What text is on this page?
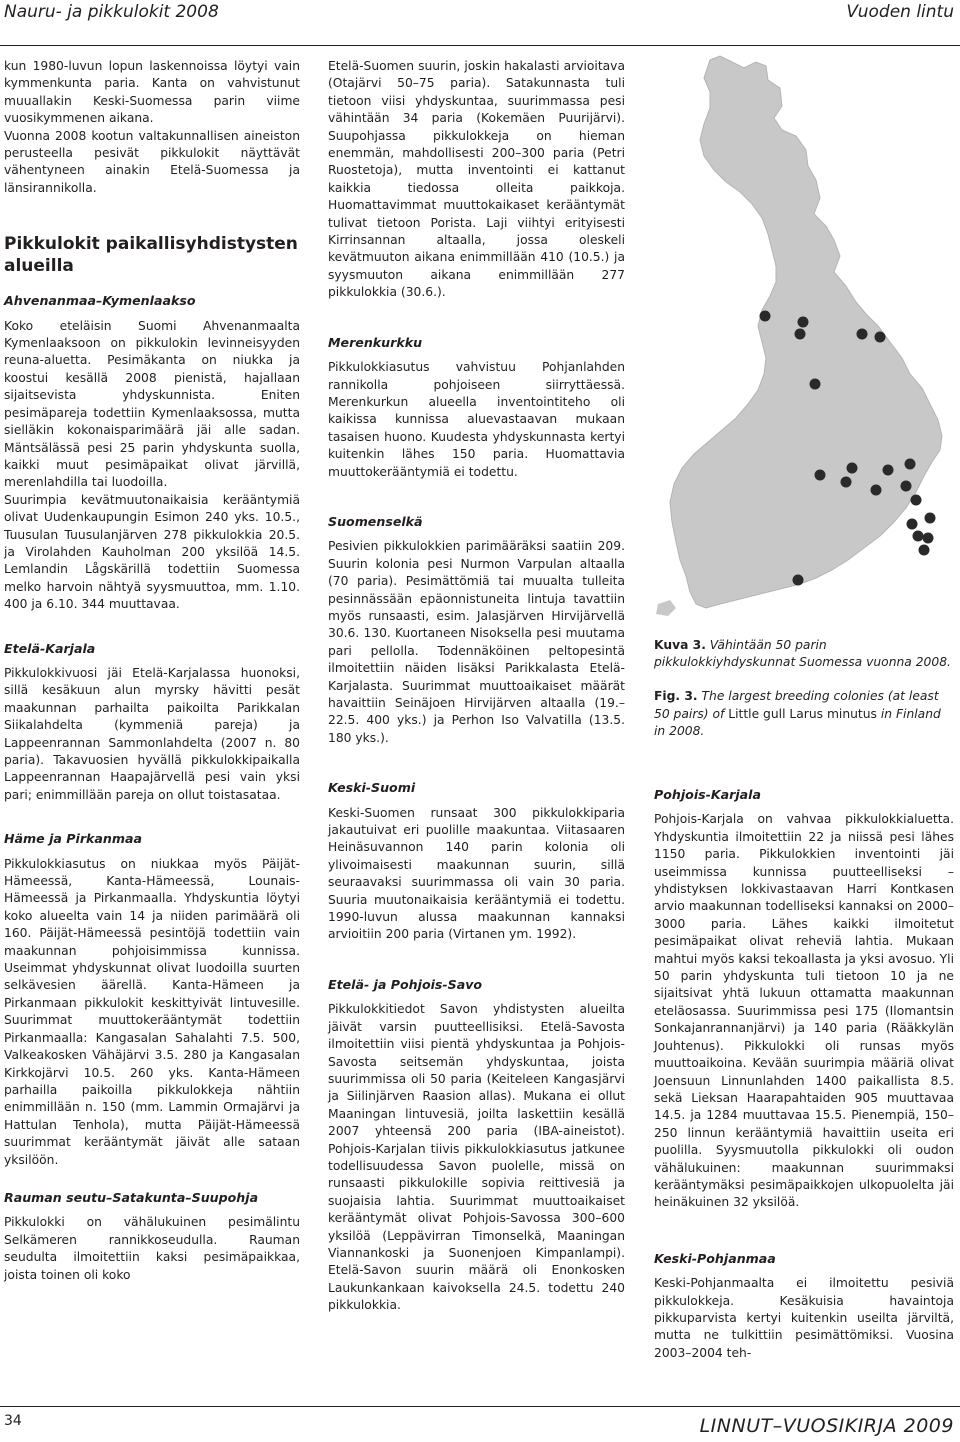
Nauru- ja pikkulokit 2008	Vuoden lintu

kun 1980-luvun lopun laskennoissa löytyi vain kymmenkunta paria. Kanta on vahvistunut muuallakin Keski-Suomessa parin viime vuosikymmenen aikana.

Vuonna 2008 kootun valtakunnallisen aineiston perusteella pesivät pikkulokit näyttävät vähentyneen ainakin Etelä-Suomessa ja länsirannikolla.

Pikkulokit paikallisyhdistysten alueilla
Ahvenanmaa–Kymenlaakso

Koko eteläisin Suomi Ahvenanmaalta Kymenlaaksoon on pikkulokin levinneisyyden reuna-aluetta. Pesimäkanta on niukka ja koostui kesällä 2008 pienistä, hajallaan sijaitsevista yhdyskunnista. Eniten pesimäpareja todettiin Kymenlaaksossa, mutta sielläkin kokonaisparimäärä jäi alle sadan. Mäntsälässä pesi 25 parin yhdyskunta suolla, kaikki muut pesimäpaikat olivat järvillä, merenlahdilla tai luodoilla.

Suurimpia kevätmuutonaikaisia kerääntymiä olivat Uudenkaupungin Esimon 240 yks. 10.5., Tuusulan Tuusulanjärven 278 pikkulokkia 20.5. ja Virolahden Kauholman 200 yksilöä 14.5. Lemlandin Lågskärillä todettiin Suomessa melko harvoin nähtyä syysmuuttoa, mm. 1.10. 400 ja 6.10. 344 muuttavaa.

Etelä-Karjala

Pikkulokkivuosi jäi Etelä-Karjalassa huonoksi, sillä kesäkuun alun myrsky hävitti pesät maakunnan parhailta paikoilta Parikkalan Siikalahdelta (kymmeniä pareja) ja Lappeenrannan Sammonlahdelta (2007 n. 80 paria). Takavuosien hyvällä pikkulokkipaikalla Lappeenrannan Haapajärvellä pesi vain yksi pari; enimmillään pareja on ollut toistasataa.

Häme ja Pirkanmaa

Pikkulokkiasutus on niukkaa myös Päijät-Hämeessä, Kanta-Hämeessä, Lounais-Hämeessä ja Pirkanmaalla. Yhdyskuntia löytyi koko alueelta vain 14 ja niiden parimäärä oli 160. Päijät-Hämeessä pesintöjä todettiin vain maakunnan pohjoisimmissa kunnissa. Useimmat yhdyskunnat olivat luodoilla suurten selkävesien äärellä. Kanta-Hämeen ja Pirkanmaan pikkulokit keskittyivät lintuvesille. Suurimmat muuttokerääntymät todettiin Pirkanmaalla: Kangasalan Sahalahti 7.5. 500, Valkeakosken Vähäjärvi 3.5. 280 ja Kangasalan Kirkkojärvi 10.5. 260 yks. Kanta-Hämeen parhailla paikoilla pikkulokkeja nähtiin enimmillään n. 150 (mm. Lammin Ormajärvi ja Hattulan Tenhola), mutta Päijät-Hämeessä suurimmat kerääntymät jäivät alle sataan yksilöön.

Rauman seutu–Satakunta–Suupohja

Pikkulokki on vähälukuinen pesimälintu Selkämeren rannikkoseudulla. Rauman seudulta ilmoitettiin kaksi pesimäpaikkaa, joista toinen oli koko

Etelä-Suomen suurin, joskin hakalasti arvioitava (Otajärvi 50–75 paria). Satakunnasta tuli tietoon viisi yhdyskuntaa, suurimmassa pesi vähintään 34 paria (Kokemäen Puurijärvi). Suupohjassa pikkulokkeja on hieman enemmän, mahdollisesti 200–300 paria (Petri Ruostetoja), mutta inventointi ei kattanut kaikkia tiedossa olleita paikkoja. Huomattavimmat muuttokaikaset kerääntymät tulivat tietoon Porista. Laji viihtyi erityisesti Kirrinsannan altaalla, jossa oleskeli kevätmuuton aikana enimmillään 410 (10.5.) ja syysmuuton aikana enimmillään 277 pikkulokkia (30.6.).

Merenkurkku

Pikkulokkiasutus vahvistuu Pohjanlahden rannikolla pohjoiseen siirryttäessä. Merenkurkun alueella inventointiteho oli kaikissa kunnissa aluevastaavan mukaan tasaisen huono. Kuudesta yhdyskunnasta kertyi kuitenkin lähes 150 paria. Huomattavia muuttokerääntymiä ei todettu.

Suomenselkä

Pesivien pikkulokkien parimääräksi saatiin 209. Suurin kolonia pesi Nurmon Varpulan altaalla (70 paria). Pesimättömiä tai muualta tulleita pesinnässään epäonnistuneita lintuja tavattiin myös runsaasti, esim. Jalasjärven Hirvijärvellä 30.6. 130. Kuortaneen Nisoksella pesi muutama pari pellolla. Todennäköinen peltopesintä ilmoitettiin näiden lisäksi Parikkalasta Etelä-Karjalasta. Suurimmat muuttoaikaiset määrät havaittiin Seinäjoen Hirvijärven altaalla (19.–22.5. 400 yks.) ja Perhon Iso Valvatilla (13.5. 180 yks.).

Keski-Suomi

Keski-Suomen runsaat 300 pikkulokkiparia jakautuivat eri puolille maakuntaa. Viitasaaren Heinäsuvannon 140 parin kolonia oli ylivoimaisesti maakunnan suurin, sillä seuraavaksi suurimmassa oli vain 30 paria. Suuria muutonaikaisia kerääntymiä ei todettu. 1990-luvun alussa maakunnan kannaksi arvioitiin 200 paria (Virtanen ym. 1992).

Etelä- ja Pohjois-Savo

Pikkulokkitiedot Savon yhdistysten alueilta jäivät varsin puutteellisiksi. Etelä-Savosta ilmoitettiin viisi pientä yhdyskuntaa ja Pohjois-Savosta seitsemän yhdyskuntaa, joista suurimmissa oli 50 paria (Keiteleen Kangasjärvi ja Siilinjärven Raasion allas). Mukana ei ollut Maaningan lintuvesiä, joilta laskettiin kesällä 2007 yhteensä 200 paria (IBA-aineistot). Pohjois-Karjalan tiivis pikkulokkiasutus jatkunee todellisuudessa Savon puolelle, missä on runsaasti pikkulokille sopivia reittivesiä ja suojaisia lahtia. Suurimmat muuttoaikaiset kerääntymät olivat Pohjois-Savossa 300–600 yksilöä (Leppävirran Timonselkä, Maaningan Viannankoski ja Suonenjoen Kimpanlampi). Etelä-Savon suurin määrä oli Enonkosken Laukunkankaan kaivoksella 24.5. todettu 240 pikkulokkia.

Kuva 3. Vähintään 50 parin pikkulokkiyhdyskunnat Suomessa vuonna 2008.
Fig. 3. The largest breeding colonies (at least 50 pairs) of Little gull Larus minutus in Finland in 2008.
Pohjois-Karjala

Pohjois-Karjala on vahvaa pikkulokkialuetta. Yhdyskuntia ilmoitettiin 22 ja niissä pesi lähes 1150 paria. Pikkulokkien inventointi jäi useimmissa kunnissa puutteelliseksi – yhdistyksen lokkivastaavan Harri Kontkasen arvio maakunnan todelliseksi kannaksi on 2000–3000 paria. Lähes kaikki ilmoitetut pesimäpaikat olivat reheviä lahtia. Mukaan mahtui myös kaksi tekoallasta ja yksi avosuo. Yli 50 parin yhdyskunta tuli tietoon 10 ja ne sijaitsivat yhtä lukuun ottamatta maakunnan eteläosassa. Suurimmissa pesi 175 (Ilomantsin Sonkajanrannanjärvi) ja 140 paria (Rääkkylän Jouhtenus). Pikkulokki oli runsas myös muuttoaikoina. Kevään suurimpia määriä olivat Joensuun Linnunlahden 1400 paikallista 8.5. sekä Lieksan Haarapahtaiden 905 muuttavaa 14.5. ja 1284 muuttavaa 15.5. Pienempiä, 150–250 linnun kerääntymiä havaittiin useita eri puolilla. Syysmuutolla pikkulokki oli oudon vähälukuinen: maakunnan suurimmaksi kerääntymäksi pesimäpaikkojen ulkopuolelta jäi heinäkuinen 32 yksilöä.

Keski-Pohjanmaa

Keski-Pohjanmaalta ei ilmoitettu pesiviä pikkulokkeja. Kesäkuisia havaintoja pikkuparvista kertyi kuitenkin useilta järviltä, mutta ne tulkittiin pesimättömiksi. Vuosina 2003–2004 teh-

34	LINNUT–VUOSIKIRJA 2009
